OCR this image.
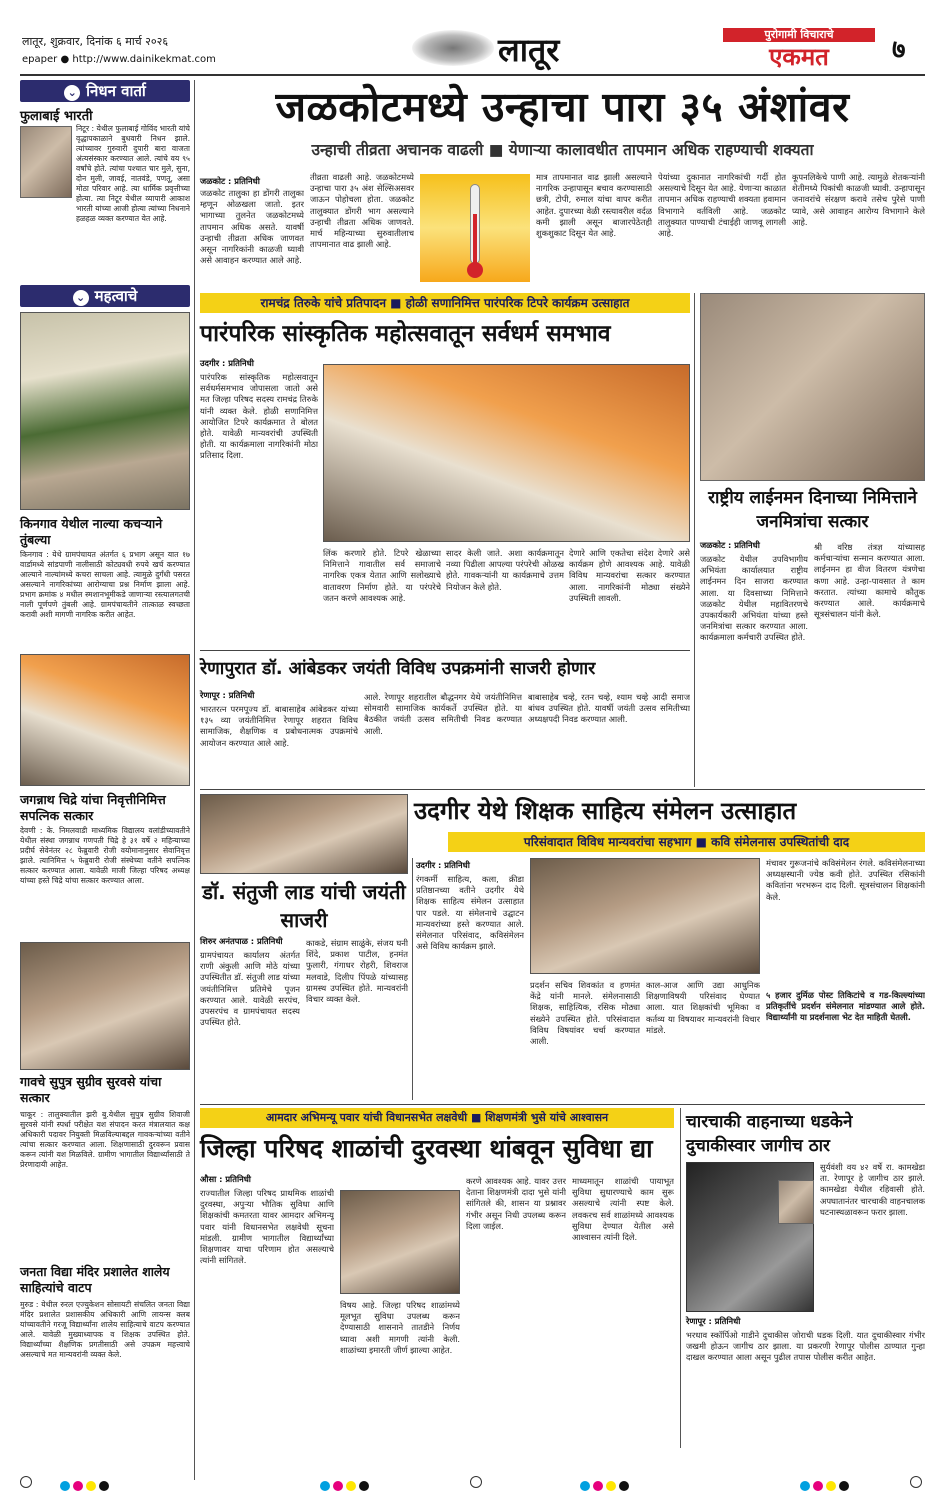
लातूर, शुक्रवार, दिनांक ६ मार्च २०२६
epaper ● http://www.dainikekmat.com	लातूर	पुरोगामी विचाराचे
एकमत	७
⌄ निधन वार्ता
फुलाबाई भारती
निटूर : येथील फुलाबाई गोविंद भारती यांचे वृद्धापकाळाने बुधवारी निधन झाले. त्यांच्यावर गुरुवारी दुपारी बारा वाजता अंत्यसंस्कार करण्यात आले. त्यांचे वय ९५ वर्षांचे होते. त्यांचा पश्चात चार मुले, सुना, दोन मुली, जावई, नातवंडे, पणतू, असा मोठा परिवार आहे. त्या धार्मिक प्रवृत्तीच्या होत्या. त्या निटूर येथील व्यापारी आकाश भारती यांच्या आजी होत्या त्यांच्या निधनाने हळहळ व्यक्त करण्यात येत आहे.
⌄ महत्वाचे
किनगाव येथील नाल्या कचऱ्याने तुंबल्या
किनगाव : येथे ग्रामपंचायत अंतर्गत ६ प्रभाग असून यात १७ वार्डामध्ये सांडपाणी नालीसाठी कोट्यवधी रुपये खर्च करण्यात आल्याने नाल्यांमध्ये कचरा साचला आहे. त्यामुळे दुर्गंधी पसरत असल्याने नागरिकांच्या आरोग्याचा प्रश्न निर्माण झाला आहे. प्रभाग क्रमांक ४ मधील स्मशानभूमीकडे जाणाऱ्या रस्त्यालगतची नाली पूर्णपणे तुंबली आहे. ग्रामपंचायतीने तात्काळ स्वच्छता करावी अशी मागणी नागरिक करीत आहेत.
जगन्नाथ चिद्रे यांचा निवृत्तीनिमित्त सपत्निक सत्कार
देवणी : के. निमलवाडी माध्यमिक विद्यालय वलांडीच्यावतीने येथील संस्था जगन्नाथ गणपती चिद्रे हे ३१ वर्षे २ महिन्याच्या प्रदीर्घ सेवेनंतर २८ फेब्रुवारी रोजी वयोमानानुसार सेवानिवृत्त झाले. त्यानिमित्त ५ फेब्रुवारी रोजी संस्थेच्या वतीने सपत्निक सत्कार करण्यात आला. यावेळी माजी जिल्हा परिषद अध्यक्ष यांच्या हस्ते चिद्रे यांचा सत्कार करण्यात आला.
गावचे सुपुत्र सुग्रीव सुरवसे यांचा सत्कार
चाकूर : तालुक्यातील झरी बु.येथील सुपुत्र सुग्रीव शिवाजी सुरवसे यांनी स्पर्धा परीक्षेत यश संपादन करत मंत्रालयात कक्ष अधिकारी पदावर नियुक्ती मिळविल्याबद्दल गावकऱ्यांच्या वतीने त्यांचा सत्कार करण्यात आला. शिक्षणासाठी दुरवरून प्रवास करून त्यांनी यश मिळविले. ग्रामीण भागातील विद्यार्थ्यांसाठी ते प्रेरणादायी आहेत.
जनता विद्या मंदिर प्रशालेत शालेय साहित्यांचे वाटप
मुरुड : येथील रुरल एज्युकेशन सोसायटी संचलित जनता विद्या मंदिर प्रशालेत प्रशासकीय अधिकारी आणि लायन्स क्लब यांच्यावतीने गरजू विद्यार्थ्यांना शालेय साहित्याचे वाटप करण्यात आले. यावेळी मुख्याध्यापक व शिक्षक उपस्थित होते. विद्यार्थ्यांच्या शैक्षणिक प्रगतीसाठी असे उपक्रम महत्त्वाचे असल्याचे मत मान्यवरांनी व्यक्त केले.
जळकोटमध्ये उन्हाचा पारा ३५ अंशांवर
उन्हाची तीव्रता अचानक वाढली ■ येणाऱ्या कालावधीत तापमान अधिक राहण्याची शक्यता
जळकोट : प्रतिनिधी
जळकोट तालुका हा डोंगरी तालुका म्हणून ओळखला जातो. इतर भागाच्या तुलनेत जळकोटमध्ये तापमान अधिक असते. यावर्षी उन्हाची तीव्रता अधिक जाणवत असून नागरिकांनी काळजी घ्यावी असे आवाहन करण्यात आले आहे.
तीव्रता वाढली आहे. जळकोटमध्ये उन्हाचा पारा ३५ अंश सेल्सिअसवर जाऊन पोहोचला होता. जळकोट तालुक्यात डोंगरी भाग असल्याने उन्हाची तीव्रता अधिक जाणवते. मार्च महिन्याच्या सुरुवातीलाच तापमानात वाढ झाली आहे.
मात्र तापमानात वाढ झाली असल्याने नागरिक उन्हापासून बचाव करण्यासाठी छत्री, टोपी, रुमाल यांचा वापर करीत आहेत. दुपारच्या वेळी रस्त्यावरील वर्दळ कमी झाली असून बाजारपेठेतही शुकशुकाट दिसून येत आहे.
पेयांच्या दुकानात नागरिकांची गर्दी होत असल्याचे दिसून येत आहे. येणाऱ्या काळात तापमान अधिक राहण्याची शक्यता हवामान विभागाने वर्तविली आहे. जळकोट तालुक्यात पाण्याची टंचाईही जाणवू लागली आहे.
कूपनलिकेचे पाणी आहे. त्यामुळे शेतकऱ्यांनी शेतीमध्ये पिकांची काळजी घ्यावी. उन्हापासून जनावरांचे संरक्षण करावे तसेच पुरेसे पाणी प्यावे, असे आवाहन आरोग्य विभागाने केले आहे.
रामचंद्र तिरुके यांचे प्रतिपादन ■ होळी सणानिमित्त पारंपरिक टिपरे कार्यक्रम उत्साहात
पारंपरिक सांस्कृतिक महोत्सवातून सर्वधर्म समभाव
उदगीर : प्रतिनिधी
पारंपरिक सांस्कृतिक महोत्सवातून सर्वधर्मसमभाव जोपासला जातो असे मत जिल्हा परिषद सदस्य रामचंद्र तिरुके यांनी व्यक्त केले. होळी सणानिमित्त आयोजित टिपरे कार्यक्रमात ते बोलत होते. यावेळी मान्यवरांची उपस्थिती होती. या कार्यक्रमाला नागरिकांनी मोठा प्रतिसाद दिला.
लिंक करणारे होते. टिपरे खेळाच्या निमित्ताने गावातील सर्व समाजाचे नागरिक एकत्र येतात आणि सलोख्याचे वातावरण निर्माण होते. या परंपरेचे जतन करणे आवश्यक आहे.
सादर केली जाते. अशा कार्यक्रमातून नव्या पिढीला आपल्या परंपरेची ओळख होते. गावकऱ्यांनी या कार्यक्रमाचे उत्तम नियोजन केले होते.
देणारे आणि एकतेचा संदेश देणारे असे कार्यक्रम होणे आवश्यक आहे. यावेळी विविध मान्यवरांचा सत्कार करण्यात आला. नागरिकांनी मोठ्या संख्येने उपस्थिती लावली.
राष्ट्रीय लाईनमन दिनाच्या निमित्ताने जनमित्रांचा सत्कार
जळकोट : प्रतिनिधी
जळकोट येथील उपविभागीय अभियंता कार्यालयात राष्ट्रीय लाईनमन दिन साजरा करण्यात आला. या दिवसाच्या निमित्ताने जळकोट येथील महावितरणचे उपकार्यकारी अभियंता यांच्या हस्ते जनमित्रांचा सत्कार करण्यात आला. कार्यक्रमाला कर्मचारी उपस्थित होते.
श्री वरिष्ठ तंत्रज्ञ यांच्यासह कर्मचाऱ्यांचा सन्मान करण्यात आला. लाईनमन हा वीज वितरण यंत्रणेचा कणा आहे. उन्हा-पावसात ते काम करतात. त्यांच्या कामाचे कौतुक करण्यात आले. कार्यक्रमाचे सूत्रसंचालन यांनी केले.
रेणापुरात डॉ. आंबेडकर जयंती विविध उपक्रमांनी साजरी होणार
रेणापूर : प्रतिनिधी
भारतरत्न परमपूज्य डॉ. बाबासाहेब आंबेडकर यांच्या १३५ व्या जयंतीनिमित्त रेणापूर शहरात विविध सामाजिक, शैक्षणिक व प्रबोधनात्मक उपक्रमांचे आयोजन करण्यात आले आहे.
आले. रेणापूर शहरातील बौद्धनगर येथे जयंतीनिमित्त सोमवारी सामाजिक कार्यकर्ते उपस्थित होते. या बैठकीत जयंती उत्सव समितीची निवड करण्यात आली.
बाबासाहेब चव्हे, रतन चव्हे, श्याम चव्हे आदी समाज बांधव उपस्थित होते. यावर्षी जयंती उत्सव समितीच्या अध्यक्षपदी निवड करण्यात आली.
उदगीर येथे शिक्षक साहित्य संमेलन उत्साहात
परिसंवादात विविध मान्यवरांचा सहभाग ■ कवि संमेलनास उपस्थितांची दाद
डॉ. संतुजी लाड यांची जयंती साजरी
शिरुर अनंतपाळ : प्रतिनिधी
ग्रामपंचायत कार्यालय अंतर्गत राणी अंकुली आणि मोठे यांच्या उपस्थितीत डॉ. संतुजी लाड यांच्या जयंतीनिमित्त प्रतिमेचे पूजन करण्यात आले. यावेळी सरपंच, उपसरपंच व ग्रामपंचायत सदस्य उपस्थित होते.
काकडे, संग्राम साळुंके, संजय घनी शिंदे, प्रकाश पाटील, हनमंत फुलारी, गंगाधर रोहरी, शिवराज मलवाडे, दिलीप पिंपळे यांच्यासह ग्रामस्थ उपस्थित होते. मान्यवरांनी विचार व्यक्त केले.
उदगीर : प्रतिनिधी
रंगकर्मी साहित्य, कला, क्रीडा प्रतिष्ठानच्या वतीने उदगीर येथे शिक्षक साहित्य संमेलन उत्साहात पार पडले. या संमेलनाचे उद्घाटन मान्यवरांच्या हस्ते करण्यात आले. संमेलनात परिसंवाद, कविसंमेलन असे विविध कार्यक्रम झाले.
प्रदर्शन सचिव शिवकांत व हणमंत केंद्रे यांनी मानले. संमेलनासाठी शिक्षक, साहित्यिक, रसिक मोठ्या संख्येने उपस्थित होते. परिसंवादात विविध विषयांवर चर्चा करण्यात आली.
काल-आज आणि उद्या आधुनिक शिक्षणाविषयी परिसंवाद घेण्यात आला. यात शिक्षकांची भूमिका व कर्तव्य या विषयावर मान्यवरांनी विचार मांडले.
मंचावर गुरूजनांचे कविसंमेलन रंगले. कविसंमेलनाच्या अध्यक्षस्थानी ज्येष्ठ कवी होते. उपस्थित रसिकांनी कवितांना भरभरून दाद दिली. सूत्रसंचालन शिक्षकांनी केले.
५ हजार दुर्मिळ पोस्ट तिकिटांचे व गड-किल्ल्यांच्या प्रतिकृतींचे प्रदर्शन संमेलनात मांडण्यात आले होते. विद्यार्थ्यांनी या प्रदर्शनाला भेट देत माहिती घेतली.
आमदार अभिमन्यू पवार यांची विधानसभेत लक्षवेधी ■ शिक्षणमंत्री भुसे यांचे आश्वासन
जिल्हा परिषद शाळांची दुरवस्था थांबवून सुविधा द्या
औसा : प्रतिनिधी
राज्यातील जिल्हा परिषद प्राथमिक शाळांची दुरवस्था, अपुऱ्या भौतिक सुविधा आणि शिक्षकांची कमतरता यावर आमदार अभिमन्यू पवार यांनी विधानसभेत लक्षवेधी सूचना मांडली. ग्रामीण भागातील विद्यार्थ्यांच्या शिक्षणावर याचा परिणाम होत असल्याचे त्यांनी सांगितले.
विषय आहे. जिल्हा परिषद शाळांमध्ये मूलभूत सुविधा उपलब्ध करून देण्यासाठी शासनाने तातडीने निर्णय घ्यावा अशी मागणी त्यांनी केली. शाळांच्या इमारती जीर्ण झाल्या आहेत.
करणे आवश्यक आहे. यावर उत्तर देताना शिक्षणमंत्री दादा भुसे यांनी सांगितले की, शासन या प्रश्नावर गंभीर असून निधी उपलब्ध करून दिला जाईल.
माध्यमातून शाळांची पायाभूत सुविधा सुधारण्याचे काम सुरू असल्याचे त्यांनी स्पष्ट केले. लवकरच सर्व शाळांमध्ये आवश्यक सुविधा देण्यात येतील असे आश्वासन त्यांनी दिले.
चारचाकी वाहनाच्या धडकेने दुचाकीस्वार जागीच ठार
रेणापूर : प्रतिनिधी
सुर्यवंशी वय ४२ वर्षे रा. कामखेडा ता. रेणापूर हे जागीच ठार झाले. कामखेडा येथील रहिवासी होते. अपघातानंतर चारचाकी वाहनचालक घटनास्थळावरून फरार झाला.
भरधाव स्कॉर्पिओ गाडीने दुचाकीस जोराची धडक दिली. यात दुचाकीस्वार गंभीर जखमी होऊन जागीच ठार झाला. या प्रकरणी रेणापूर पोलीस ठाण्यात गुन्हा दाखल करण्यात आला असून पुढील तपास पोलीस करीत आहेत.
